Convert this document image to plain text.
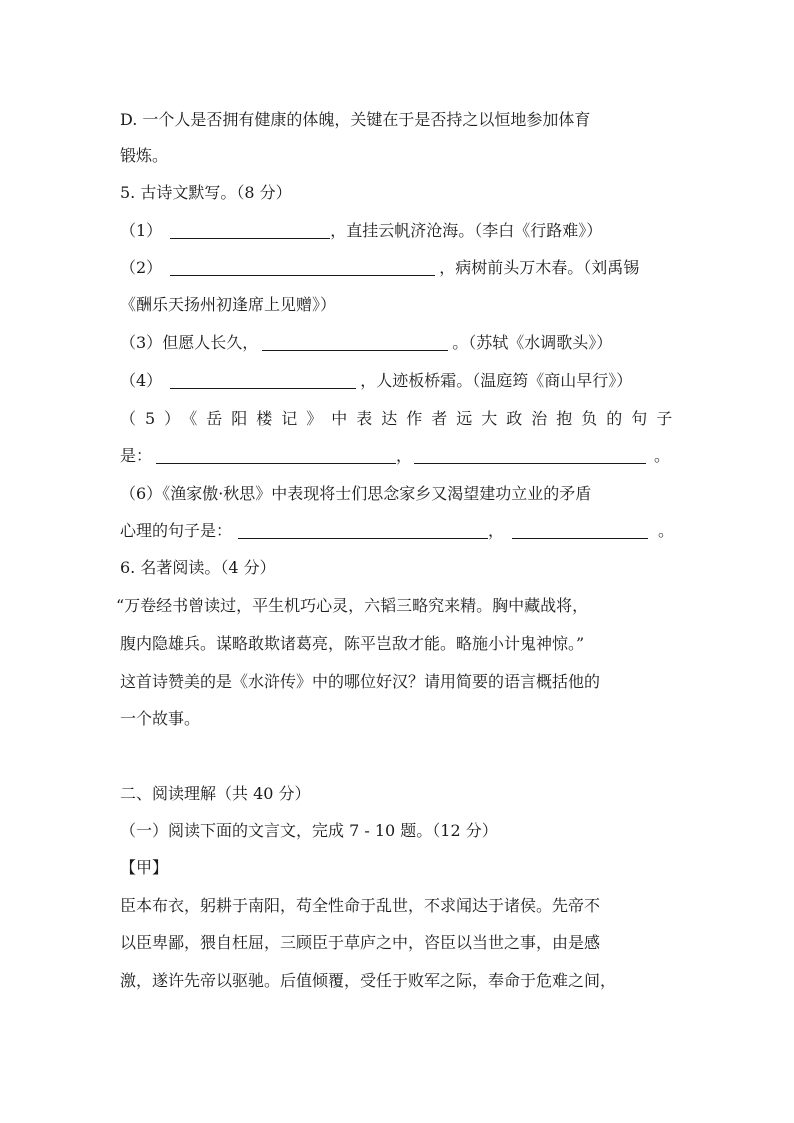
D. 一个人是否拥有健康的体魄，关键在于是否持之以恒地参加体育
锻炼。
5. 古诗文默写。（8 分）
（1）	，直挂云帆济沧海。（李白《行路难》）
（2）	，病树前头万木春。（刘禹锡
《酬乐天扬州初逢席上见赠》）
（3）但愿人长久，	。（苏轼《水调歌头》）
（4）	，人迹板桥霜。（温庭筠《商山早行》）
（5）《岳阳楼记》中表达作者远大政治抱负的句子
是：	，	。
（6）《渔家傲·秋思》中表现将士们思念家乡又渴望建功立业的矛盾
心理的句子是：	，	。
6. 名著阅读。（4 分）
“万卷经书曾读过，平生机巧心灵，六韬三略究来精。胸中藏战将，
腹内隐雄兵。谋略敢欺诸葛亮，陈平岂敌才能。略施小计鬼神惊。”
这首诗赞美的是《水浒传》中的哪位好汉？请用简要的语言概括他的
一个故事。
二、阅读理解（共 40 分）
（一）阅读下面的文言文，完成 7 - 10 题。（12 分）
【甲】
臣本布衣，躬耕于南阳，苟全性命于乱世，不求闻达于诸侯。先帝不
以臣卑鄙，猥自枉屈，三顾臣于草庐之中，咨臣以当世之事，由是感
激，遂许先帝以驱驰。后值倾覆，受任于败军之际，奉命于危难之间，
